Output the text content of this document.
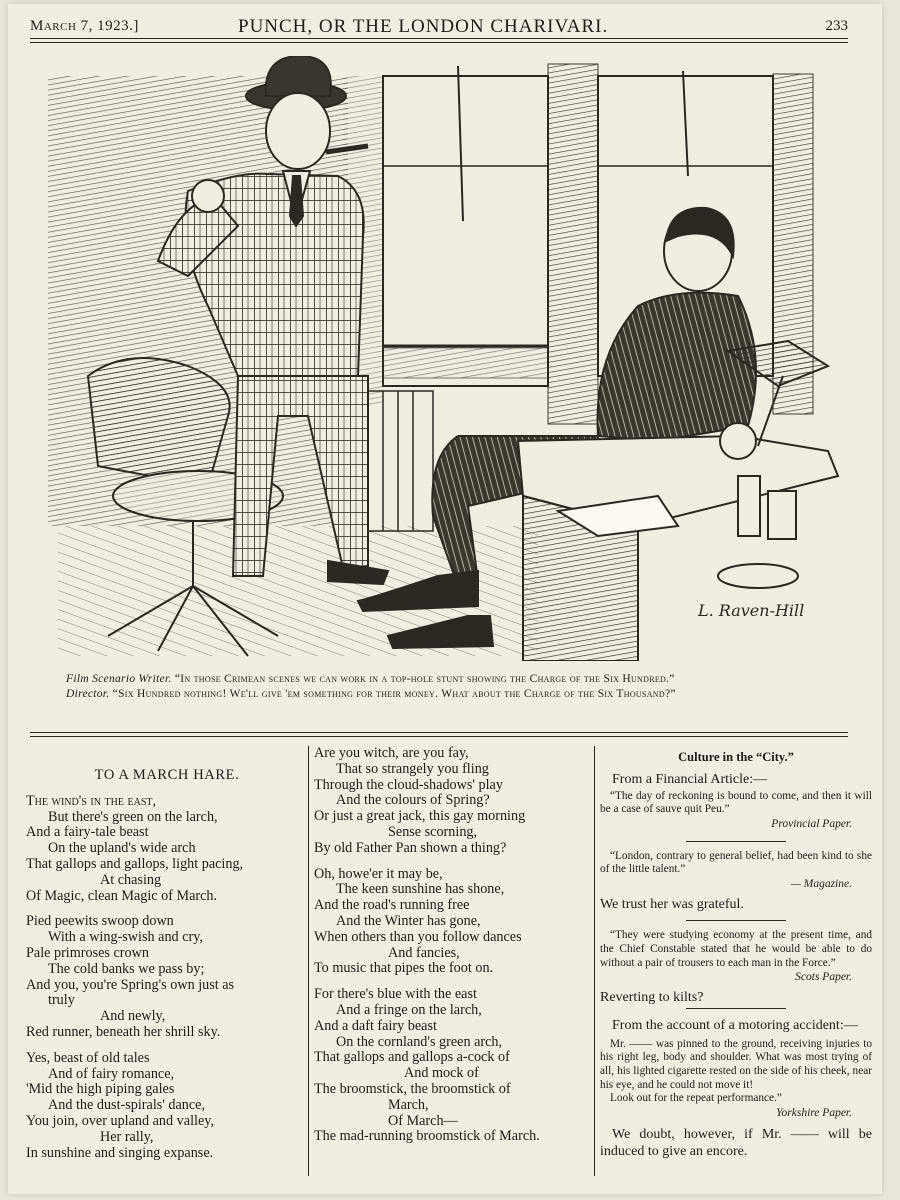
March 7, 1923.]	PUNCH, OR THE LONDON CHARIVARI.	233
L. Raven-Hill

Film Scenario Writer. “In those Crimean scenes we can work in a top-hole stunt showing the Charge of the Six Hundred.”

Director. “Six Hundred nothing! We'll give 'em something for their money. What about the Charge of the Six Thousand?”

TO A MARCH HARE.
The wind's in the east,
But there's green on the larch,
And a fairy-tale beast
On the upland's wide arch
That gallops and gallops, light pacing,
At chasing
Of Magic, clean Magic of March.
Pied peewits swoop down
With a wing-swish and cry,
Pale primroses crown
The cold banks we pass by;
And you, you're Spring's own just as
truly
And newly,
Red runner, beneath her shrill sky.
Yes, beast of old tales
And of fairy romance,
'Mid the high piping gales
And the dust-spirals' dance,
You join, over upland and valley,
Her rally,
In sunshine and singing expanse.
Are you witch, are you fay,
That so strangely you fling
Through the cloud-shadows' play
And the colours of Spring?
Or just a great jack, this gay morning
Sense scorning,
By old Father Pan shown a thing?
Oh, howe'er it may be,
The keen sunshine has shone,
And the road's running free
And the Winter has gone,
When others than you follow dances
And fancies,
To music that pipes the foot on.
For there's blue with the east
And a fringe on the larch,
And a daft fairy beast
On the cornland's green arch,
That gallops and gallops a-cock of
And mock of
The broomstick, the broomstick of
March,
Of March—
The mad-running broomstick of March.
Culture in the “City.”
From a Financial Article:—

“The day of reckoning is bound to come, and then it will be a case of sauve quit Peu.”

Provincial Paper.

“London, contrary to general belief, had been kind to she of the little talent.”

— Magazine.
We trust her was grateful.

“They were studying economy at the present time, and the Chief Constable stated that he would be able to do without a pair of trousers to each man in the Force.”

Scots Paper.
Reverting to kilts?
From the account of a motoring accident:—

Mr. —— was pinned to the ground, receiving injuries to his right leg, body and shoulder. What was most trying of all, his lighted cigarette rested on the side of his cheek, near his eye, and he could not move it!

Look out for the repeat performance.”

Yorkshire Paper.
We doubt, however, if Mr. —— will be induced to give an encore.
